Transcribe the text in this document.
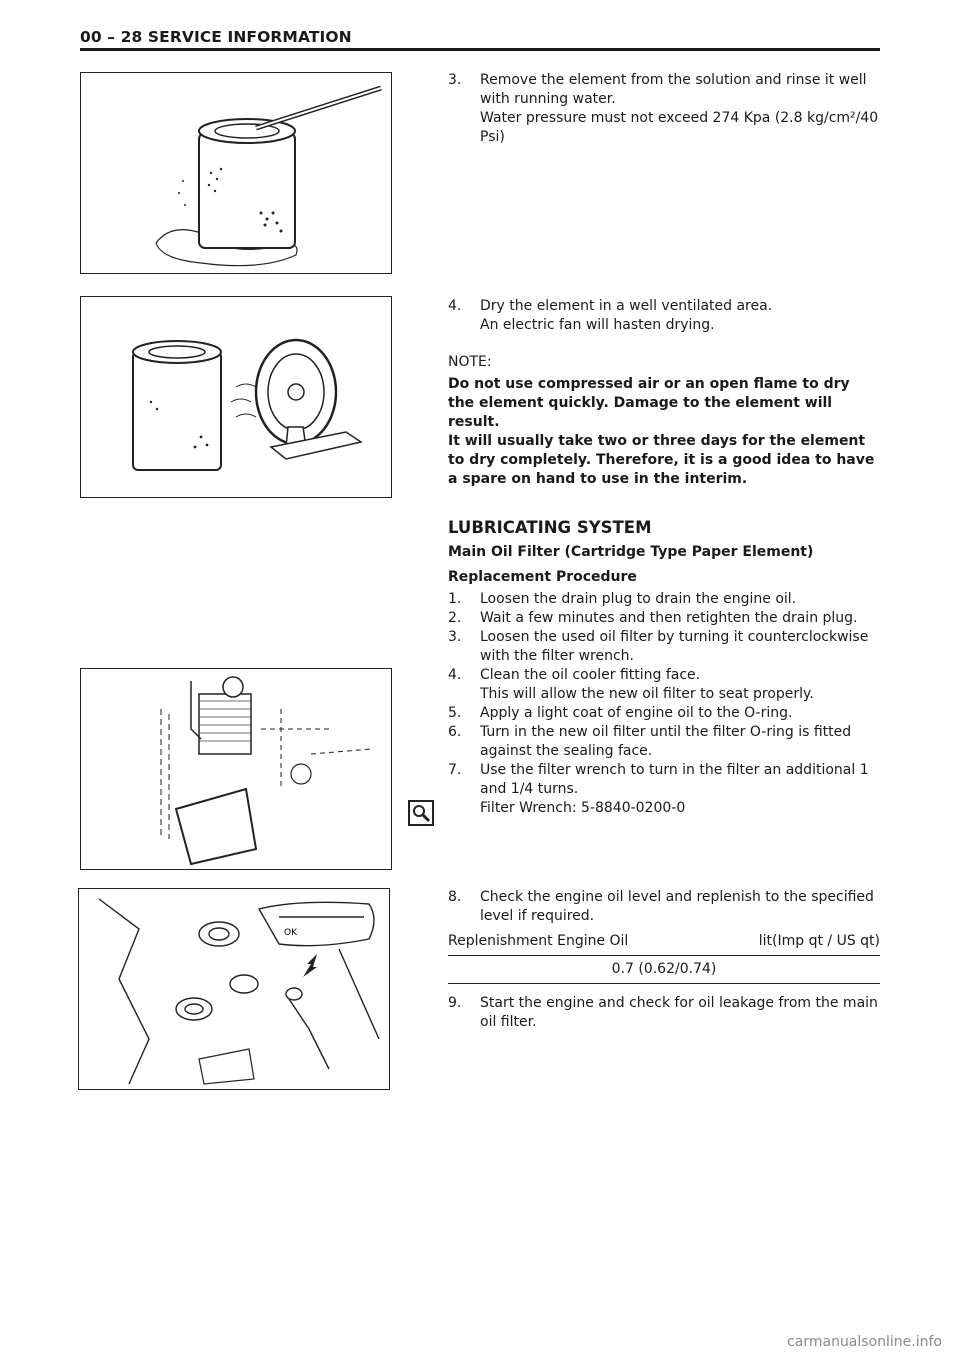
00 – 28 SERVICE INFORMATION
OK
3.	Remove the element from the solution and rinse it well
with running water.
Water pressure must not exceed 274 Kpa (2.8 kg/cm²/40
Psi)
4.	Dry the element in a well ventilated area.
An electric fan will hasten drying.
NOTE:
Do not use compressed air or an open flame to dry the element quickly. Damage to the element will result.
It will usually take two or three days for the element to dry completely. Therefore, it is a good idea to have a spare on hand to use in the interim.
LUBRICATING SYSTEM
Main Oil Filter (Cartridge Type Paper Element)
Replacement Procedure
1.	Loosen the drain plug to drain the engine oil.
2.	Wait a few minutes and then retighten the drain plug.
3.	Loosen the used oil filter by turning it counterclockwise with the filter wrench.
4.	Clean the oil cooler fitting face.
This will allow the new oil filter to seat properly.
5.	Apply a light coat of engine oil to the O-ring.
6.	Turn in the new oil filter until the filter O-ring is fitted against the sealing face.
7.	Use the filter wrench to turn in the filter an additional 1 and 1/4 turns.
Filter Wrench: 5-8840-0200-0
8.	Check the engine oil level and replenish to the specified level if required.
Replenishment Engine Oil	lit(Imp qt / US qt)
0.7 (0.62/0.74)
9.	Start the engine and check for oil leakage from the main oil filter.
carmanualsonline.info
